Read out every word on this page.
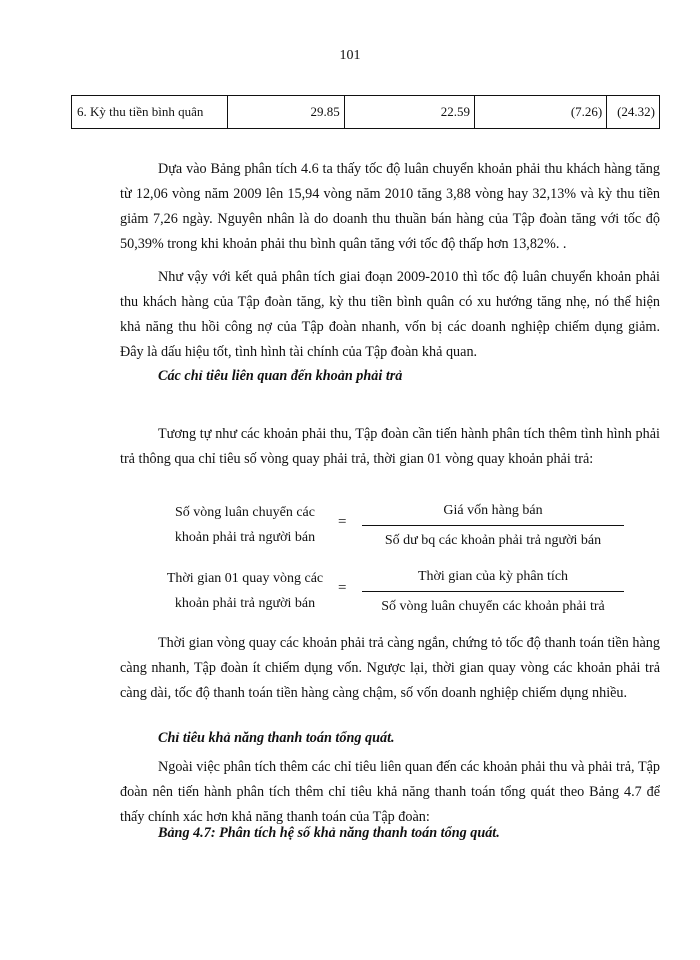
101
6. Kỳ thu tiền bình quân	29.85	22.59	(7.26)	(24.32)

Dựa vào Bảng phân tích 4.6 ta thấy tốc độ luân chuyển khoản phải thu khách hàng tăng từ 12,06 vòng năm 2009 lên 15,94 vòng năm 2010 tăng 3,88 vòng hay 32,13% và kỳ thu tiền giảm 7,26 ngày. Nguyên nhân là do doanh thu thuần bán hàng của Tập đoàn tăng với tốc độ 50,39% trong khi khoản phải thu bình quân tăng với tốc độ thấp hơn 13,82%. .

Như vậy với kết quả phân tích giai đoạn 2009-2010 thì tốc độ luân chuyển khoản phải thu khách hàng của Tập đoàn tăng, kỳ thu tiền bình quân có xu hướng tăng nhẹ, nó thể hiện khả năng thu hồi công nợ của Tập đoàn nhanh, vốn bị các doanh nghiệp chiếm dụng giảm. Đây là dấu hiệu tốt, tình hình tài chính của Tập đoàn khả quan.

Các chỉ tiêu liên quan đến khoản phải trả

Tương tự như các khoản phải thu, Tập đoàn cần tiến hành phân tích thêm tình hình phải trả thông qua chỉ tiêu số vòng quay phải trả, thời gian 01 vòng quay khoản phải trả:

Số vòng luân chuyển các
khoản phải trả người bán
=
Giá vốn hàng bán
Số dư bq các khoản phải trả người bán
Thời gian 01 quay vòng các
khoản phải trả người bán
=
Thời gian của kỳ phân tích
Số vòng luân chuyển các khoản phải trả

Thời gian vòng quay các khoản phải trả càng ngắn, chứng tỏ tốc độ thanh toán tiền hàng càng nhanh, Tập đoàn ít chiếm dụng vốn. Ngược lại, thời gian quay vòng các khoản phải trả càng dài, tốc độ thanh toán tiền hàng càng chậm, số vốn doanh nghiệp chiếm dụng nhiều.

Chỉ tiêu khả năng thanh toán tổng quát.

Ngoài việc phân tích thêm các chỉ tiêu liên quan đến các khoản phải thu và phải trả, Tập đoàn nên tiến hành phân tích thêm chỉ tiêu khả năng thanh toán tổng quát theo Bảng 4.7 để thấy chính xác hơn khả năng thanh toán của Tập đoàn:

Bảng 4.7: Phân tích hệ số khả năng thanh toán tổng quát.
